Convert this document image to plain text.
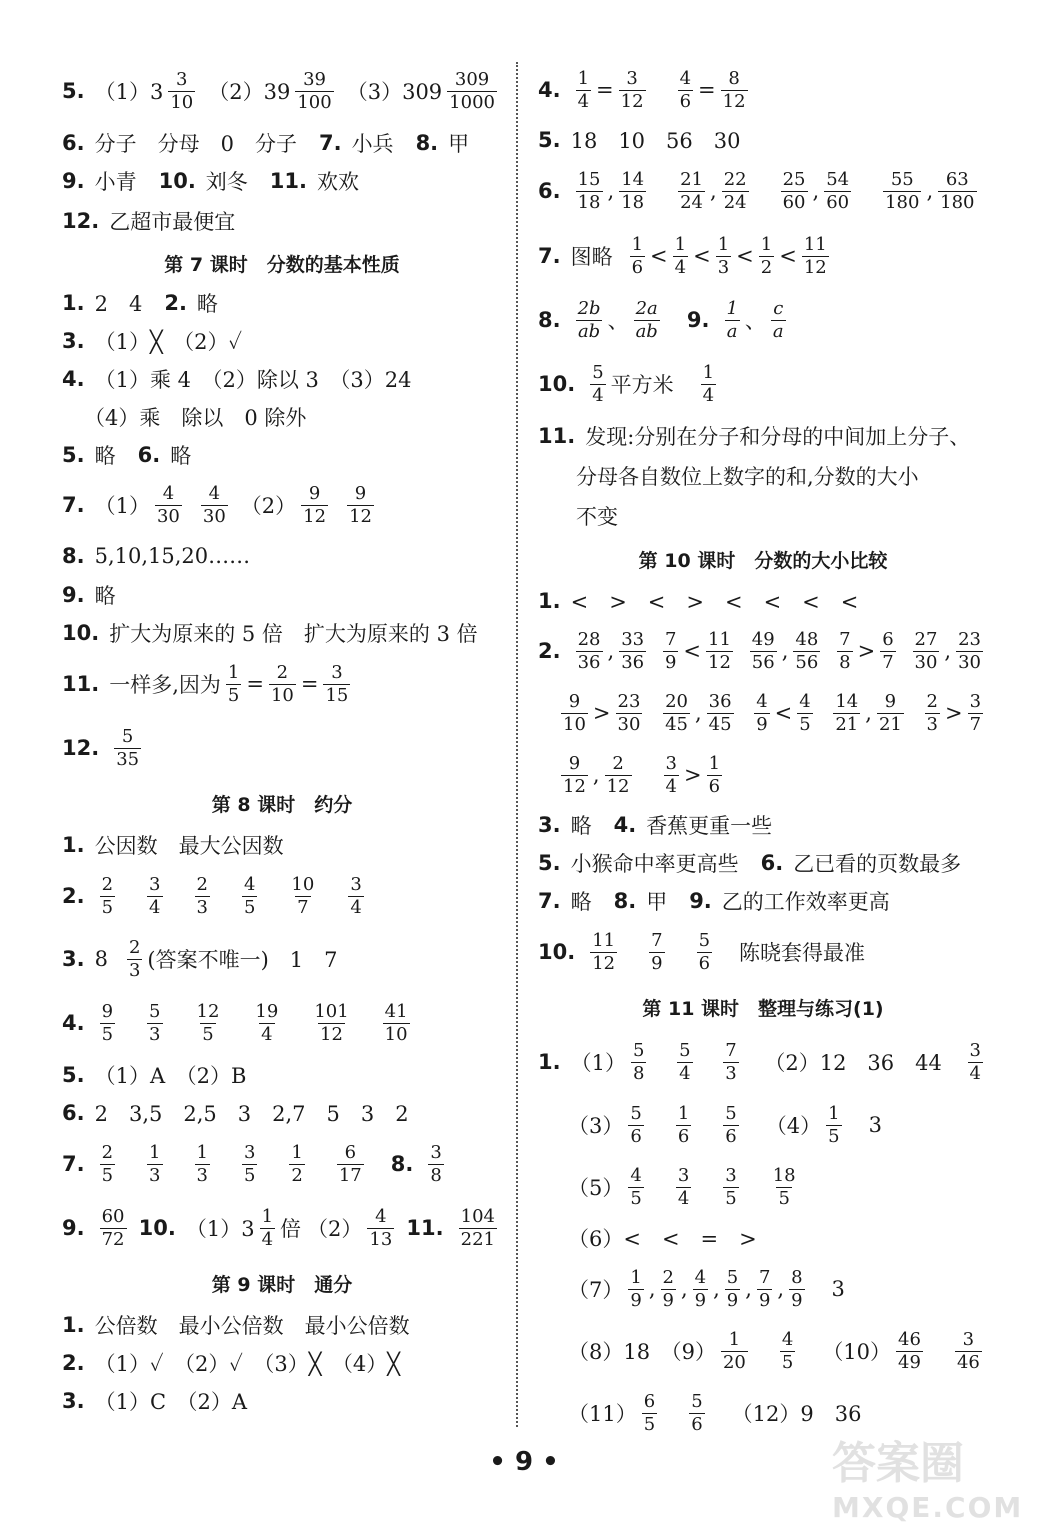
5. $(1)3 \frac{3}{10} (2)39 \frac{39}{100} (3)309 \frac{309}{1000}$
6. 分子　分母　0　分子 7. 小兵 8. 甲
9. 小青 10. 刘冬 11. 欢欢
12. 乙超市最便宜
第 7 课时　分数的基本性质
1. 2　4 2. 略
3. （1）╳　（2）✓
4. （1）乘 4　（2）除以 3　（3）24
（4）乘　除以　0 除外
5. 略 6. 略
7. $(1) \frac{4}{30} \frac{4}{30} (2) \frac{9}{12} \frac{9}{12}$
8. 5,10,15,20……
9. 略
10. 扩大为原来的 5 倍　扩大为原来的 3 倍
11. 一样多,因为 $\frac{1}{5} = \frac{2}{10} = \frac{3}{15}$
12. $\frac{5}{35}$
第 8 课时　约分
1. 公因数　最大公因数
2. $\frac{2}{5} \frac{3}{4} \frac{2}{3} \frac{4}{5} \frac{10}{7} \frac{3}{4}$
3. $8 \frac{2}{3}$ (答案不唯一)　1　7
4. $\frac{9}{5} \frac{5}{3} \frac{12}{5} \frac{19}{4} \frac{101}{12} \frac{41}{10}$
5. （1）A　（2）B
6. 2　3,5　2,5　3　2,7　5　3　2
7. $\frac{2}{5} \frac{1}{3} \frac{1}{3} \frac{3}{5} \frac{1}{2} \frac{6}{17} 8$. $\frac{3}{8}$
9. $\frac{60}{72} 10$. $(1)3 \frac{1}{4}$ 倍 $(2) \frac{4}{13} 11$. $\frac{104}{221}$
第 9 课时　通分
1. 公倍数　最小公倍数　最小公倍数
2. （1）✓　（2）✓　（3）╳　（4）╳
3. （1）C　（2）A
4. $\frac{1}{4} = \frac{3}{12} \frac{4}{6} = \frac{8}{12}$
5. 18　10　56　30
6. $\frac{15}{18}$ , $\frac{14}{18} \frac{21}{24}$ , $\frac{22}{24} \frac{25}{60}$ , $\frac{54}{60} \frac{55}{180}$ , $\frac{63}{180}$
7. 图略 $\frac{1}{6} < \frac{1}{4} < \frac{1}{3} < \frac{1}{2} < \frac{11}{12}$
8. $\frac{2b}{ab}$ 、 $\frac{2a}{ab} 9$. $\frac{1}{a}$ 、 $\frac{c}{a}$
10. $\frac{5}{4}$ 平方米 $\frac{1}{4}$
11. 发现:分别在分子和分母的中间加上分子、
分母各自数位上数字的和,分数的大小
不变
第 10 课时　分数的大小比较
1. <　>　<　>　<　<　<　<
2. $\frac{28}{36}$ , $\frac{33}{36} \frac{7}{9} < \frac{11}{12} \frac{49}{56}$ , $\frac{48}{56} \frac{7}{8} > \frac{6}{7} \frac{27}{30}$ , $\frac{23}{30}$
$\frac{9}{10} > \frac{23}{30} \frac{20}{45}$ , $\frac{36}{45} \frac{4}{9} < \frac{4}{5} \frac{14}{21}$ , $\frac{9}{21} \frac{2}{3} > \frac{3}{7}$
$\frac{9}{12}$ , $\frac{2}{12} \frac{3}{4} > \frac{1}{6}$
3. 略 4. 香蕉更重一些
5. 小猴命中率更高些 6. 乙已看的页数最多
7. 略 8. 甲 9. 乙的工作效率更高
10. $\frac{11}{12} \frac{7}{9} \frac{5}{6}$ 陈晓套得最准
第 11 课时　整理与练习(1)
1. $(1) \frac{5}{8} \frac{5}{4} \frac{7}{3} (2)12$　36　$44 \frac{3}{4}$
$(3) \frac{5}{6} \frac{1}{6} \frac{5}{6} (4) \frac{1}{5} 3$
$(5) \frac{4}{5} \frac{3}{4} \frac{3}{5} \frac{18}{5}$
（6）<　<　=　>
$(7) \frac{1}{9}$ , $\frac{2}{9}$ , $\frac{4}{9}$ , $\frac{5}{9}$ , $\frac{7}{9}$ , $\frac{8}{9} 3$
（8）18　$(9) \frac{1}{20} \frac{4}{5} (10) \frac{46}{49} \frac{3}{46}$
$(11) \frac{6}{5} \frac{5}{6} (12)9$　36
• 9 •	答案圈
MXQE.COM
